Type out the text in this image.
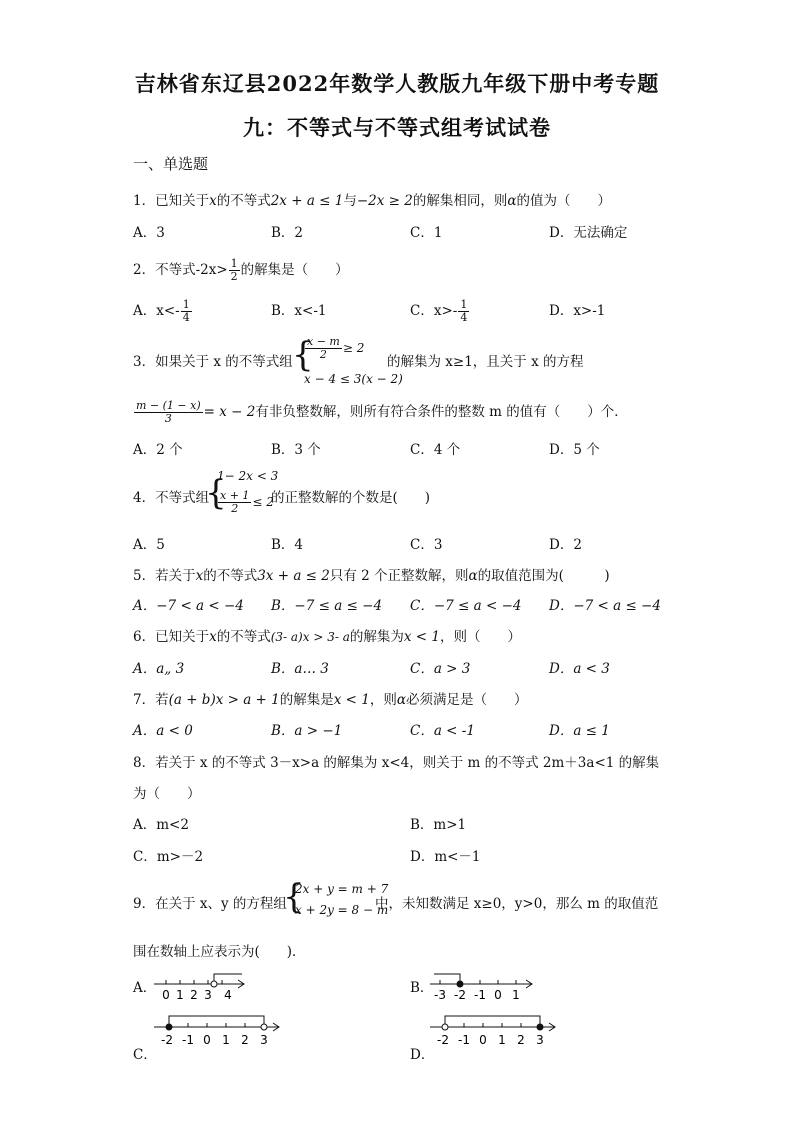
吉林省东辽县2022年数学人教版九年级下册中考专题
九：不等式与不等式组考试试卷
一、单选题
1．已知关于x的不等式2x + a ≤ 1与−2x ≥ 2的解集相同，则α的值为（　　）
A．3	B．2	C．1	D．无法确定
2．不等式$-2x> \frac{1}{2}$ 的解集是（　　）
A．$x<- \frac{1}{4}$	B．x<-1	C．$x>- \frac{1}{4}$	D．x>-1
3．如果关于 x 的不等式组 {
$\frac{x - m}{2} \ge 2$
x − 4 ≤ 3(x − 2)
的解集为 x≥1，且关于 x 的方程
$\frac{m - (1 - x)}{3} = x - 2$有非负整数解，则所有符合条件的整数 m 的值有（　　）个．
A．2 个	B．3 个	C．4 个	D．5 个
4．不等式组
{
1− 2x < 3
$\frac{x + 1}{2} \le 2$
的正整数解的个数是(　　)
A．5	B．4	C．3	D．2
5．若关于x的不等式3x + a ≤ 2只有 2 个正整数解，则α的取值范围为(　　　)
A．−7 < a < −4 B．−7 ≤ a ≤ −4 C．−7 ≤ a < −4 D．−7 < a ≤ −4
6．已知关于x的不等式(3- a)x > 3- a的解集为x < 1，则（　　）
A．a„ 3	B．a… 3	C．a > 3	D．a < 3
7．若(a + b)x > a + 1的解集是x < 1，则α必须满足是（　　）
A．a < 0	B．a > −1	C．a < -1	D．a ≤ 1
8．若关于 x 的不等式 3－x>a 的解集为 x<4，则关于 m 的不等式 2m＋3a<1 的解集
为（　　）
A．m<2	B．m>1
C．m>－2	D．m<－1
9．在关于 x、y 的方程组
{
2x + y = m + 7
x + 2y = 8 − m
中，未知数满足 x≥0，y>0，那么 m 的取值范
围在数轴上应表示为(　　)．
A． 0 1 2 3 4	B． -3 -2 -1 0 1
C．
-2 -1 0 1 2 3
D．
-2 -1 0 1 2 3
